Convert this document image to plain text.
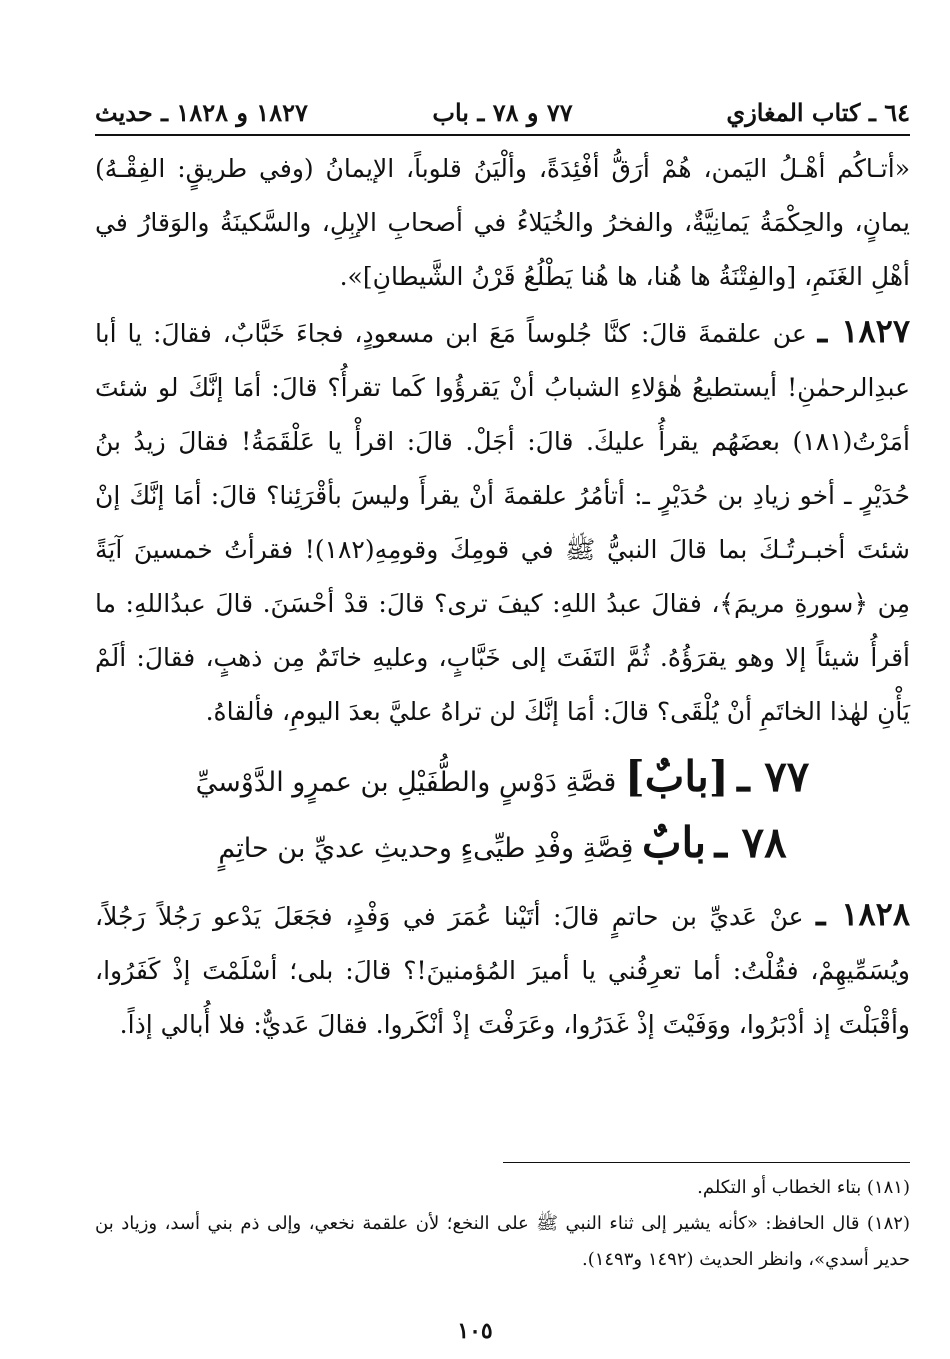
٦٤ ـ كتاب المغازي
٧٧ و ٧٨ ـ باب
١٨٢٧ و ١٨٢٨ ـ حديث

«أتـاكُم أهْـلُ اليَمن، هُمْ أرَقُّ أفْئِدَةً، وألْيَنُ قلوباً، الإيمانُ (وفي طريقٍ: الفِقْـهُ) يمانٍ، والحِكْمَةُ يَمانِيَّةٌ، والفخرُ والخُيَلاءُ في أصحابِ الإبِلِ، والسَّكينَةُ والوَقارُ في أهْلِ الغَنَمِ، [والفِتْنَةُ ها هُنا، ها هُنا يَطْلُعُ قَرْنُ الشَّيطانِ]».

١٨٢٧ ـ عن علقمةَ قالَ: كنَّا جُلوساً مَعَ ابن مسعودٍ، فجاءَ خَبَّابٌ، فقالَ: يا أبا عبدِالرحمٰنِ! أيستطيعُ هٰؤلاءِ الشبابُ أنْ يَقرؤُوا كَما تقرأُ؟ قالَ: أمَا إنَّكَ لو شئتَ أمَرْتُ(١٨١) بعضَهُم يقرأُ عليكَ. قالَ: أجَلْ. قالَ: اقرأْ يا عَلْقَمَةُ! فقالَ زيدُ بنُ حُدَيْرٍ ـ أخو زيادِ بن حُدَيْرٍ ـ: أتأمُرُ علقمةَ أنْ يقرأَ وليسَ بأقْرَئِنا؟ قالَ: أمَا إنَّكَ إنْ شئتَ أخبـرتُـكَ بما قالَ النبيُّ ﷺ في قومِكَ وقومِهِ(١٨٢)! فقرأتُ خمسينَ آيَةً مِن ﴿سورةِ مريمَ﴾، فقالَ عبدُ اللهِ: كيفَ ترى؟ قالَ: قدْ أحْسَنَ. قالَ عبدُاللهِ: ما أقرأُ شيئاً إلا وهو يقرَؤُهُ. ثُمَّ التَفَتَ إلى خَبَّابٍ، وعليهِ خاتَمٌ مِن ذهبٍ، فقالَ: ألَمْ يَأْنِ لهٰذا الخاتَمِ أنْ يُلْقَى؟ قالَ: أمَا إنَّكَ لن تراهُ عليَّ بعدَ اليومِ، فألقاهُ.

٧٧ ـ [بابٌ] قصَّةِ دَوْسٍ والطُّفَيْلِ بن عمرٍو الدَّوْسيِّ

٧٨ ـ بابٌ قِصَّةِ وفْدِ طيِّىءٍ وحديثِ عديِّ بن حاتِمٍ

١٨٢٨ ـ عنْ عَديِّ بن حاتمٍ قالَ: أتَيْنا عُمَرَ في وَفْدٍ، فجَعَلَ يَدْعو رَجُلاً رَجُلاً، ويُسَمِّيهِمْ، فقُلْتُ: أما تعرِفُني يا أميرَ المُؤمنينَ!؟ قالَ: بلى؛ أسْلَمْتَ إذْ كَفَرُوا، وأقْبَلْتَ إذ أدْبَرُوا، ووَفَيْتَ إذْ غَدَرُوا، وعَرَفْتَ إذْ أنْكَروا. فقالَ عَديٌّ: فلا أُبالي إذاً.

(١٨١) بتاء الخطاب أو التكلم.

(١٨٢) قال الحافظ: «كأنه يشير إلى ثناء النبي ﷺ على النخع؛ لأن علقمة نخعي، وإلى ذم بني أسد، وزياد بن حدير أسدي»، وانظر الحديث (١٤٩٢ و١٤٩٣).

١٠٥
